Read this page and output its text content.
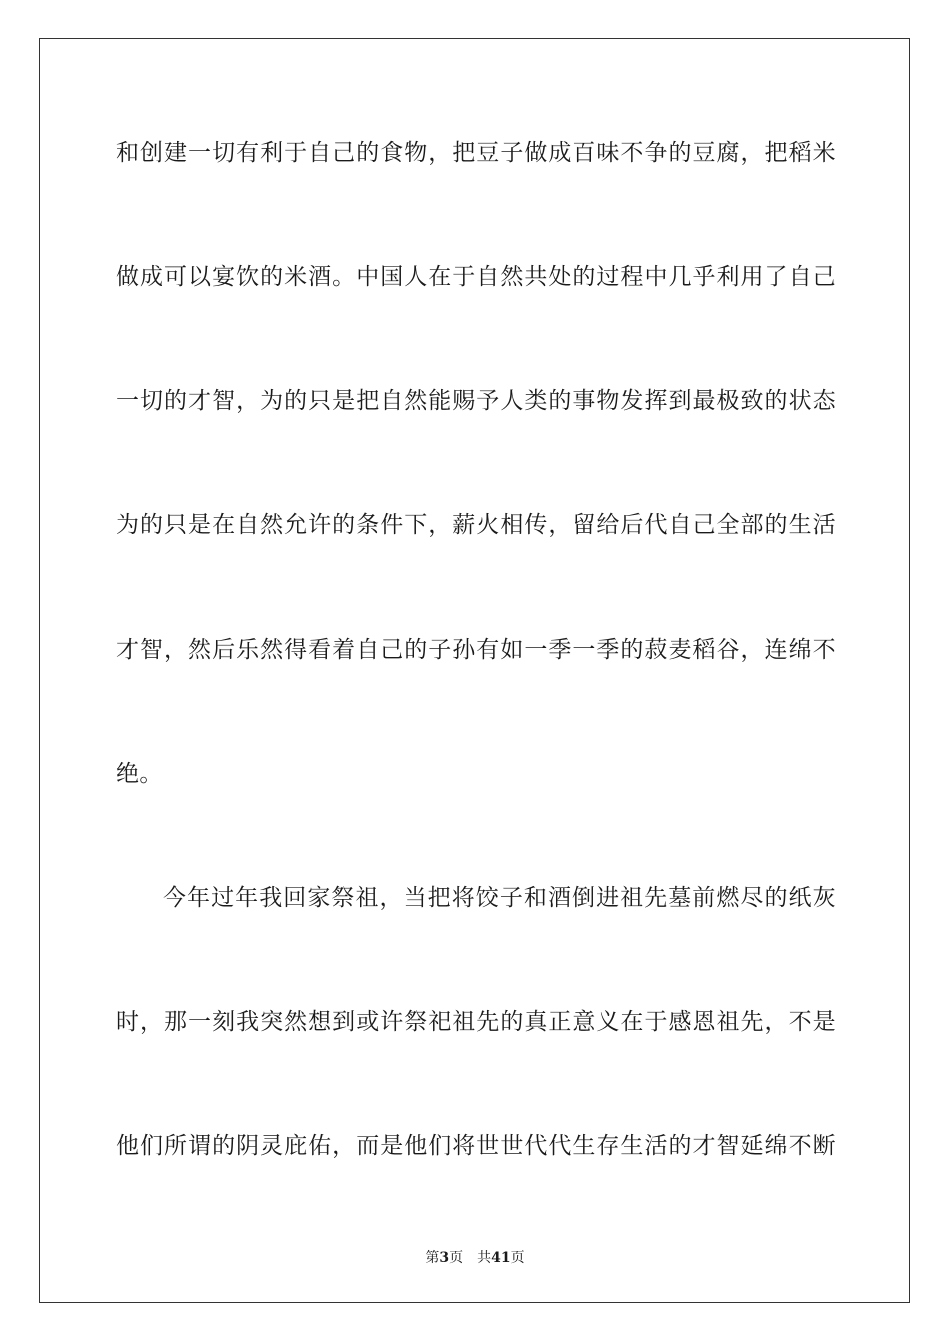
和创建一切有利于自己的食物，把豆子做成百味不争的豆腐，把稻米
做成可以宴饮的米酒。中国人在于自然共处的过程中几乎利用了自己
一切的才智，为的只是把自然能赐予人类的事物发挥到最极致的状态
为的只是在自然允许的条件下，薪火相传，留给后代自己全部的生活
才智，然后乐然得看着自己的子孙有如一季一季的菽麦稻谷，连绵不
绝。
今年过年我回家祭祖，当把将饺子和酒倒进祖先墓前燃尽的纸灰
时，那一刻我突然想到或许祭祀祖先的真正意义在于感恩祖先，不是
他们所谓的阴灵庇佑，而是他们将世世代代生存生活的才智延绵不断
第3页 共41页
